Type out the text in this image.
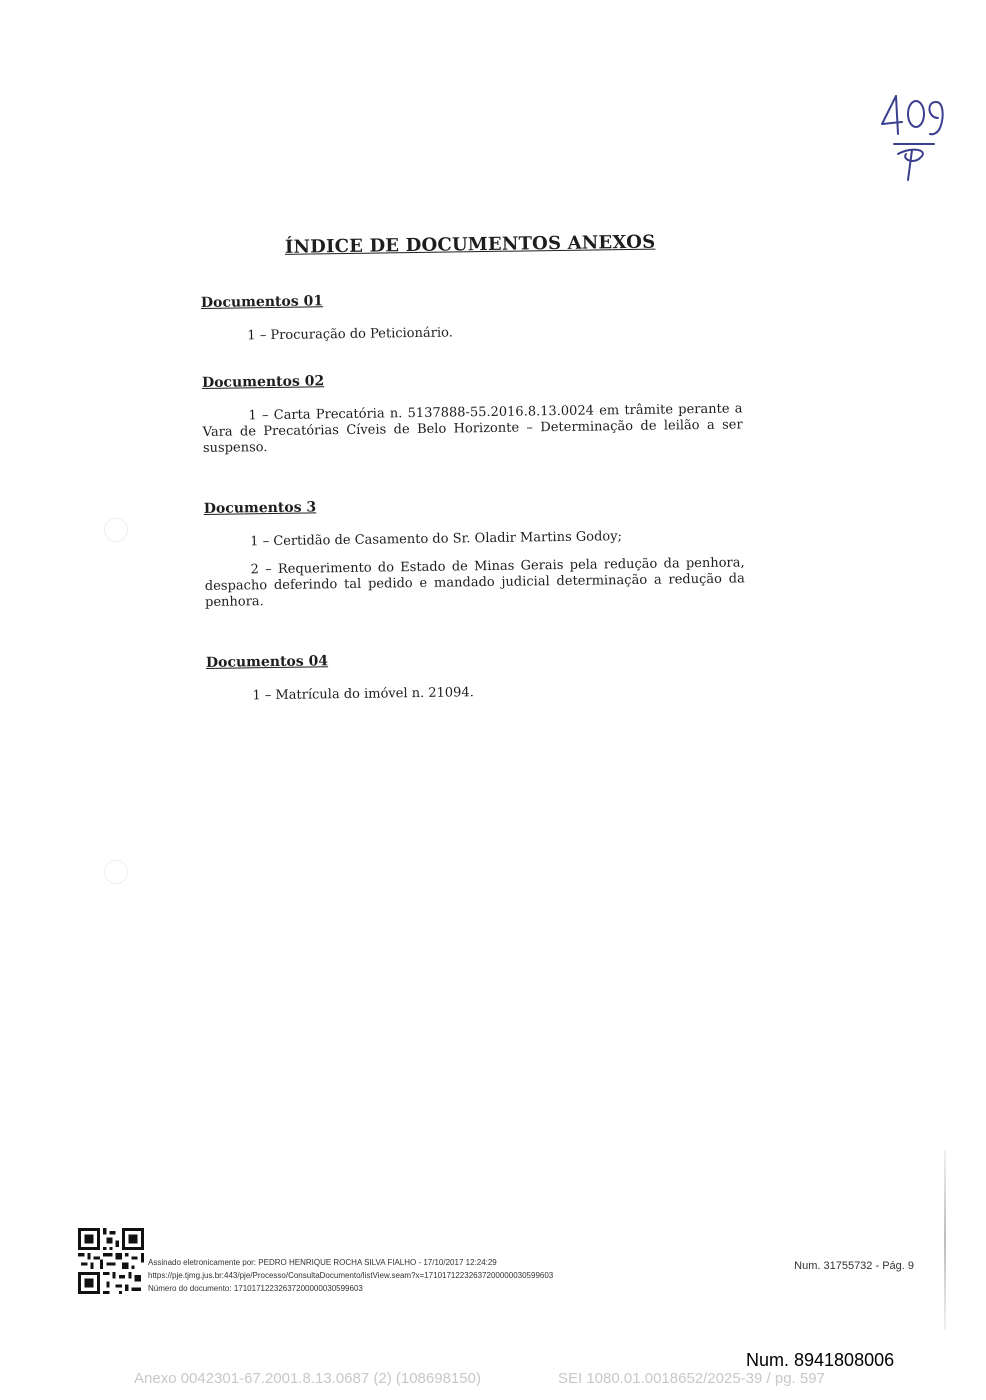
ÍNDICE DE DOCUMENTOS ANEXOS
Documentos 01

1 – Procuração do Peticionário.

Documentos 02

1 – Carta Precatória n. 5137888-55.2016.8.13.0024 em trâmite perante a Vara de Precatórias Cíveis de Belo Horizonte – Determinação de leilão a ser suspenso.

Documentos 3

1 – Certidão de Casamento do Sr. Oladir Martins Godoy;

2 – Requerimento do Estado de Minas Gerais pela redução da penhora, despacho deferindo tal pedido e mandado judicial determinação a redução da penhora.

Documentos 04

1 – Matrícula do imóvel n. 21094.

Assinado eletronicamente por: PEDRO HENRIQUE ROCHA SILVA FIALHO - 17/10/2017 12:24:29
https://pje.tjmg.jus.br:443/pje/Processo/ConsultaDocumento/listView.seam?x=17101712232637200000030599603
Número do documento: 17101712232637200000030599603
Num. 31755732 - Pág. 9
Num. 8941808006
Anexo 0042301-67.2001.8.13.0687 (2) (108698150)	SEI 1080.01.0018652/2025-39 / pg. 597
